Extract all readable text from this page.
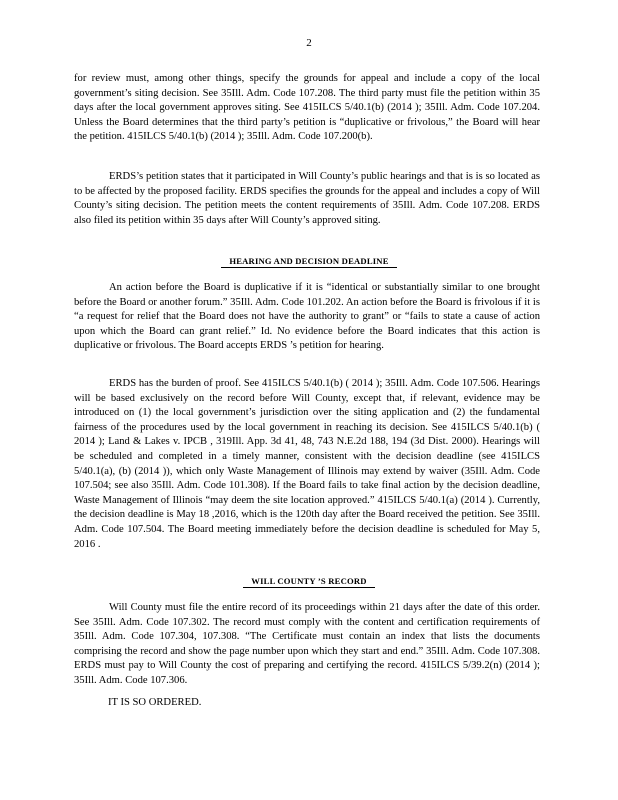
2

for review must, among other things, specify the grounds for appeal and include a copy of the local government’s siting decision. See 35Ill. Adm. Code 107.208. The third party must file the petition within 35 days after the local government approves siting. See 415ILCS 5/40.1(b) (2014 ); 35Ill. Adm. Code 107.204. Unless the Board determines that the third party’s petition is “duplicative or frivolous,” the Board will hear the petition. 415ILCS 5/40.1(b) (2014 ); 35Ill. Adm. Code 107.200(b).

ERDS’s petition states that it participated in Will County’s public hearings and that is is so located as to be affected by the proposed facility. ERDS specifies the grounds for the appeal and includes a copy of Will County’s siting decision. The petition meets the content requirements of 35Ill. Adm. Code 107.208. ERDS also filed its petition within 35 days after Will County’s approved siting.

HEARING AND DECISION DEADLINE

An action before the Board is duplicative if it is “identical or substantially similar to one brought before the Board or another forum.” 35Ill. Adm. Code 101.202. An action before the Board is frivolous if it is “a request for relief that the Board does not have the authority to grant” or “fails to state a cause of action upon which the Board can grant relief.” Id. No evidence before the Board indicates that this action is duplicative or frivolous. The Board accepts ERDS ’s petition for hearing.

ERDS has the burden of proof. See 415ILCS 5/40.1(b) ( 2014 ); 35Ill. Adm. Code 107.506. Hearings will be based exclusively on the record before Will County, except that, if relevant, evidence may be introduced on (1) the local government’s jurisdiction over the siting application and (2) the fundamental fairness of the procedures used by the local government in reaching its decision. See 415ILCS 5/40.1(b) ( 2014 ); Land & Lakes v. IPCB , 319Ill. App. 3d 41, 48, 743 N.E.2d 188, 194 (3d Dist. 2000). Hearings will be scheduled and completed in a timely manner, consistent with the decision deadline (see 415ILCS 5/40.1(a), (b) (2014 )), which only Waste Management of Illinois may extend by waiver (35Ill. Adm. Code 107.504; see also 35Ill. Adm. Code 101.308). If the Board fails to take final action by the decision deadline, Waste Management of Illinois “may deem the site location approved.” 415ILCS 5/40.1(a) (2014 ). Currently, the decision deadline is May 18 ,2016, which is the 120th day after the Board received the petition. See 35Ill. Adm. Code 107.504. The Board meeting immediately before the decision deadline is scheduled for May 5, 2016 .

WILL COUNTY ’S RECORD

Will County must file the entire record of its proceedings within 21 days after the date of this order. See 35Ill. Adm. Code 107.302. The record must comply with the content and certification requirements of 35Ill. Adm. Code 107.304, 107.308. “The Certificate must contain an index that lists the documents comprising the record and show the page number upon which they start and end.” 35Ill. Adm. Code 107.308. ERDS must pay to Will County the cost of preparing and certifying the record. 415ILCS 5/39.2(n) (2014 ); 35Ill. Adm. Code 107.306.

IT IS SO ORDERED.
